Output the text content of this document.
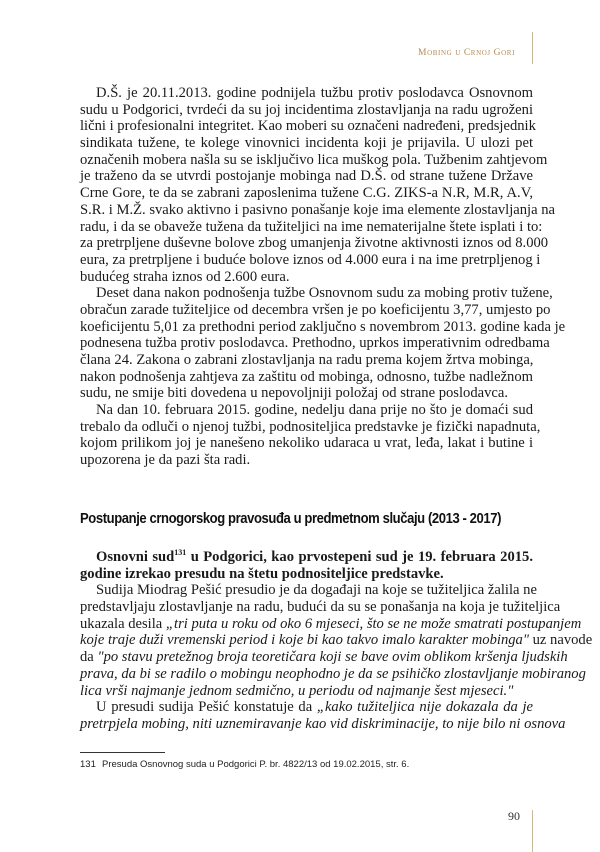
Mobing u Crnoj Gori
D.Š. je 20.11.2013. godine podnijela tužbu protiv poslodavca Osnovnom
sudu u Podgorici, tvrdeći da su joj incidentima zlostavljanja na radu ugroženi
lični i profesionalni integritet. Kao moberi su označeni nadređeni, predsjednik
sindikata tužene, te kolege vinovnici incidenta koji je prijavila. U ulozi pet
označenih mobera našla su se isključivo lica muškog pola. Tužbenim zahtjevom
je traženo da se utvrdi postojanje mobinga nad D.Š. od strane tužene Države
Crne Gore, te da se zabrani zaposlenima tužene C.G. ZIKS-a N.R, M.R, A.V,
S.R. i M.Ž. svako aktivno i pasivno ponašanje koje ima elemente zlostavljanja na
radu, i da se obaveže tužena da tužiteljici na ime nematerijalne štete isplati i to:
za pretrpljene duševne bolove zbog umanjenja životne aktivnosti iznos od 8.000
eura, za pretrpljene i buduće bolove iznos od 4.000 eura i na ime pretrpljenog i
budućeg straha iznos od 2.600 eura.
Deset dana nakon podnošenja tužbe Osnovnom sudu za mobing protiv tužene,
obračun zarade tužiteljice od decembra vršen je po koeficijentu 3,77, umjesto po
koeficijentu 5,01 za prethodni period zaključno s novembrom 2013. godine kada je
podnesena tužba protiv poslodavca. Prethodno, uprkos imperativnim odredbama
člana 24. Zakona o zabrani zlostavljanja na radu prema kojem žrtva mobinga,
nakon podnošenja zahtjeva za zaštitu od mobinga, odnosno, tužbe nadležnom
sudu, ne smije biti dovedena u nepovoljniji položaj od strane poslodavca.
Na dan 10. februara 2015. godine, nedelju dana prije no što je domaći sud
trebalo da odluči o njenoj tužbi, podnositeljica predstavke je fizički napadnuta,
kojom prilikom joj je nanešeno nekoliko udaraca u vrat, leđa, lakat i butine i
upozorena je da pazi šta radi.
Postupanje crnogorskog pravosuđa u predmetnom slučaju (2013 - 2017)
Osnovni sud$^{131}$ u Podgorici, kao prvostepeni sud je 19. februara 2015.
godine izrekao presudu na štetu podnositeljice predstavke.
Sudija Miodrag Pešić presudio je da događaji na koje se tužiteljica žalila ne
predstavljaju zlostavljanje na radu, budući da su se ponašanja na koja je tužiteljica
ukazala desila „tri puta u roku od oko 6 mjeseci, što se ne može smatrati postupanjem
koje traje duži vremenski period i koje bi kao takvo imalo karakter mobinga" uz navode
da "po stavu pretežnog broja teoretičara koji se bave ovim oblikom kršenja ljudskih
prava, da bi se radilo o mobingu neophodno je da se psihičko zlostavljanje mobiranog
lica vrši najmanje jednom sedmično, u periodu od najmanje šest mjeseci."
U presudi sudija Pešić konstatuje da „kako tužiteljica nije dokazala da je
pretrpjela mobing, niti uznemiravanje kao vid diskriminacije, to nije bilo ni osnova
131 Presuda Osnovnog suda u Podgorici P. br. 4822/13 od 19.02.2015, str. 6.
90
